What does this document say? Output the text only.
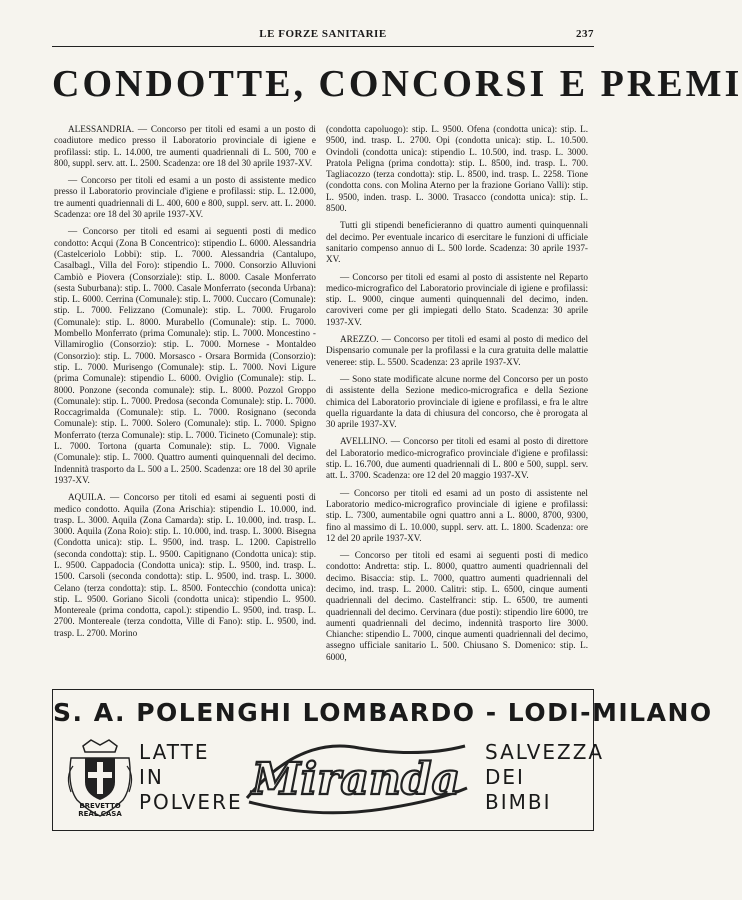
LE FORZE SANITARIE	237
CONDOTTE, CONCORSI E PREMI

ALESSANDRIA. — Concorso per titoli ed esami a un posto di coadiutore medico presso il Laboratorio provinciale di igiene e profilassi: stip. L. 14.000, tre aumenti quadriennali di L. 500, 700 e 800, suppl. serv. att. L. 2500. Scadenza: ore 18 del 30 aprile 1937-XV.

— Concorso per titoli ed esami a un posto di assistente medico presso il Laboratorio provinciale d'igiene e profilassi: stip. L. 12.000, tre aumenti quadriennali di L. 400, 600 e 800, suppl. serv. att. L. 2000. Scadenza: ore 18 del 30 aprile 1937-XV.

— Concorso per titoli ed esami ai seguenti posti di medico condotto: Acqui (Zona B Concentrico): stipendio L. 6000. Alessandria (Castelceriolo Lobbi): stip. L. 7000. Alessandria (Cantalupo, Casalbagl., Villa del Foro): stipendio L. 7000. Consorzio Alluvioni Cambiò e Piovera (Consorziale): stip. L. 8000. Casale Monferrato (sesta Suburbana): stip. L. 7000. Casale Monferrato (seconda Urbana): stip. L. 6000. Cerrina (Comunale): stip. L. 7000. Cuccaro (Comunale): stip. L. 7000. Felizzano (Comunale): stip. L. 7000. Frugarolo (Comunale): stip. L. 8000. Murabello (Comunale): stip. L. 7000. Mombello Monferrato (prima Comunale): stip. L. 7000. Moncestino - Villamiroglio (Consorzio): stip. L. 7000. Mornese - Montaldeo (Consorzio): stip. L. 7000. Morsasco - Orsara Bormida (Consorzio): stip. L. 7000. Murisengo (Comunale): stip. L. 7000. Novi Ligure (prima Comunale): stipendio L. 6000. Oviglio (Comunale): stip. L. 8000. Ponzone (seconda comunale): stip. L. 8000. Pozzol Groppo (Comunale): stip. L. 7000. Predosa (seconda Comunale): stip. L. 7000. Roccagrimalda (Comunale): stip. L. 7000. Rosignano (seconda Comunale): stip. L. 7000. Solero (Comunale): stip. L. 7000. Spigno Monferrato (terza Comunale): stip. L. 7000. Ticineto (Comunale): stip. L. 7000. Tortona (quarta Comunale): stip. L. 7000. Vignale (Comunale): stip. L. 7000. Quattro aumenti quinquennali del decimo. Indennità trasporto da L. 500 a L. 2500. Scadenza: ore 18 del 30 aprile 1937-XV.

AQUILA. — Concorso per titoli ed esami ai seguenti posti di medico condotto. Aquila (Zona Arischia): stipendio L. 10.000, ind. trasp. L. 3000. Aquila (Zona Camarda): stip. L. 10.000, ind. trasp. L. 3000. Aquila (Zona Roio): stip. L. 10.000, ind. trasp. L. 3000. Bisegna (Condotta unica): stip. L. 9500, ind. trasp. L. 1200. Capistrello (seconda condotta): stip. L. 9500. Capitignano (Condotta unica): stip. L. 9500. Cappadocia (Condotta unica): stip. L. 9500, ind. trasp. L. 1500. Carsoli (seconda condotta): stip. L. 9500, ind. trasp. L. 3000. Celano (terza condotta): stip. L. 8500. Fontecchio (condotta unica): stip. L. 9500. Goriano Sicoli (condotta unica): stipendio L. 9500. Montereale (prima condotta, capol.): stipendio L. 9500, ind. trasp. L. 2700. Montereale (terza condotta, Ville di Fano): stip. L. 9500, ind. trasp. L. 2700. Morino

(condotta capoluogo): stip. L. 9500. Ofena (condotta unica): stip. L. 9500, ind. trasp. L. 2700. Opi (condotta unica): stip. L. 10.500. Ovindoli (condotta unica): stipendio L. 10.500, ind. trasp. L. 3000. Pratola Peligna (prima condotta): stip. L. 8500, ind. trasp. L. 700. Tagliacozzo (terza condotta): stip. L. 8500, ind. trasp. L. 2258. Tione (condotta cons. con Molina Aterno per la frazione Goriano Valli): stip. L. 9500, inden. trasp. L. 3000. Trasacco (condotta unica): stip. L. 8500.

Tutti gli stipendi beneficieranno di quattro aumenti quinquennali del decimo. Per eventuale incarico di esercitare le funzioni di ufficiale sanitario compenso annuo di L. 500 lorde. Scadenza: 30 aprile 1937-XV.

— Concorso per titoli ed esami al posto di assistente nel Reparto medico-micrografico del Laboratorio provinciale di igiene e profilassi: stip. L. 9000, cinque aumenti quinquennali del decimo, inden. caroviveri come per gli impiegati dello Stato. Scadenza: 30 aprile 1937-XV.

AREZZO. — Concorso per titoli ed esami al posto di medico del Dispensario comunale per la profilassi e la cura gratuita delle malattie veneree: stip. L. 5500. Scadenza: 23 aprile 1937-XV.

— Sono state modificate alcune norme del Concorso per un posto di assistente della Sezione medico-micrografica e della Sezione chimica del Laboratorio provinciale di igiene e profilassi, e fra le altre quella riguardante la data di chiusura del concorso, che è prorogata al 30 aprile 1937-XV.

AVELLINO. — Concorso per titoli ed esami al posto di direttore del Laboratorio medico-micrografico provinciale d'igiene e profilassi: stip. L. 16.700, due aumenti quadriennali di L. 800 e 500, suppl. serv. att. L. 3700. Scadenza: ore 12 del 20 maggio 1937-XV.

— Concorso per titoli ed esami ad un posto di assistente nel Laboratorio medico-micrografico provinciale di igiene e profilassi: stip. L. 7300, aumentabile ogni quattro anni a L. 8000, 8700, 9300, fino al massimo di L. 10.000, suppl. serv. att. L. 1800. Scadenza: ore 12 del 20 aprile 1937-XV.

— Concorso per titoli ed esami ai seguenti posti di medico condotto: Andretta: stip. L. 8000, quattro aumenti quadriennali del decimo. Bisaccia: stip. L. 7000, quattro aumenti quadriennali del decimo, ind. trasp. L. 2000. Calitri: stip. L. 6500, cinque aumenti quadriennali del decimo. Castelfranci: stip. L. 6500, tre aumenti quadriennali del decimo. Cervinara (due posti): stipendio lire 6000, tre aumenti quadriennali del decimo, indennità trasporto lire 3000. Chianche: stipendio L. 7000, cinque aumenti quadriennali del decimo, assegno ufficiale sanitario L. 500. Chiusano S. Domenico: stip. L. 6000,

S. A. POLENGHI LOMBARDO - LODI-MILANO
BREVETTO
REAL CASA
LATTE
IN
POLVERE Miranda
SALVEZZA
DEI
BIMBI
